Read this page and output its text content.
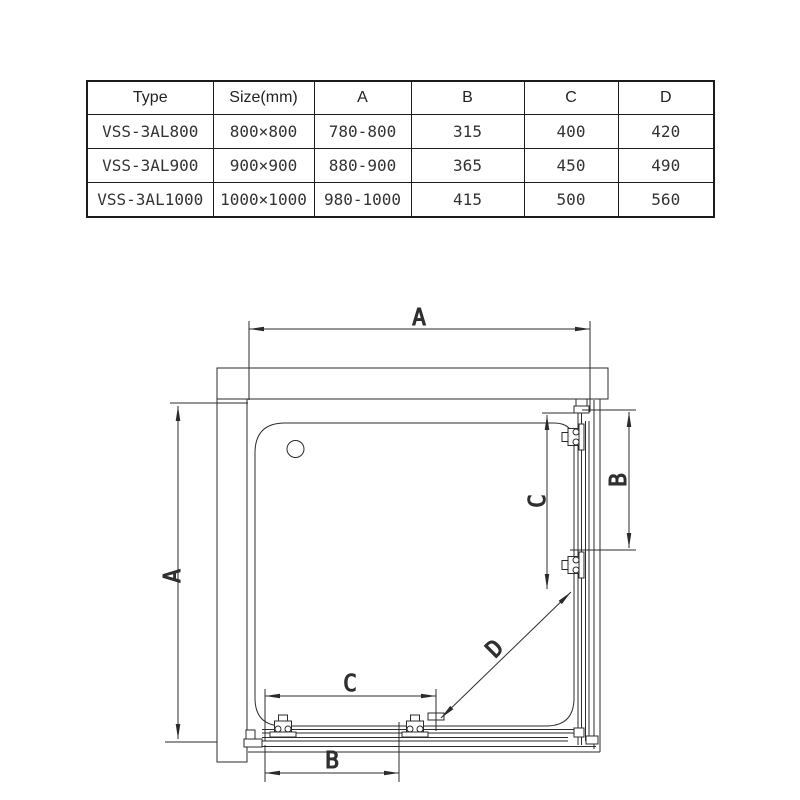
Type	Size(mm)	A	B	C	D
VSS-3AL800	800×800	780-800	315	400	420
VSS-3AL900	900×900	880-900	365	450	490
VSS-3AL1000	1000×1000	980-1000	415	500	560
A
A
B
C
D
C
B
